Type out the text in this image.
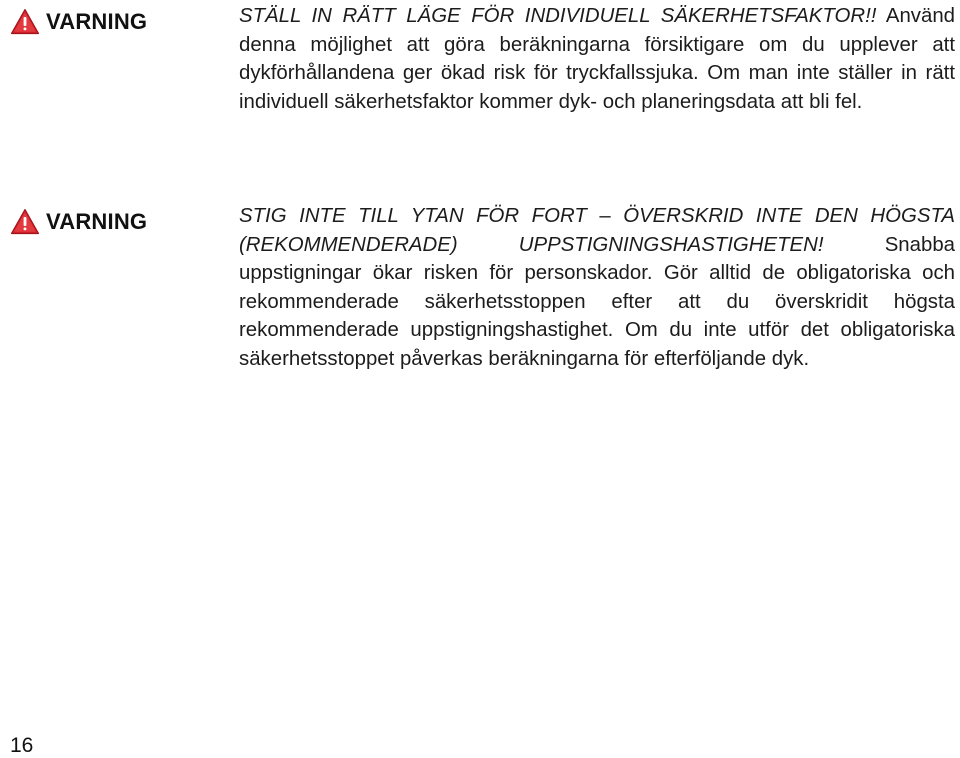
VARNING	STÄLL IN RÄTT LÄGE FÖR INDIVIDUELL SÄKERHETSFAKTOR!! Använd denna möjlighet att göra beräkningarna försiktigare om du upplever att dykförhållandena ger ökad risk för tryckfallssjuka. Om man inte ställer in rätt individuell säkerhetsfaktor kommer dyk- och planeringsdata att bli fel.

VARNING	STIG INTE TILL YTAN FÖR FORT – ÖVERSKRID INTE DEN HÖGSTA (REKOMMENDERADE) UPPSTIGNINGSHASTIGHETEN! Snabba uppstigningar ökar risken för personskador. Gör alltid de obligatoriska och rekommenderade säkerhetsstoppen efter att du överskridit högsta rekommenderade uppstigningshastighet. Om du inte utför det obligatoriska säkerhetsstoppet påverkas beräkningarna för efterföljande dyk.

16
